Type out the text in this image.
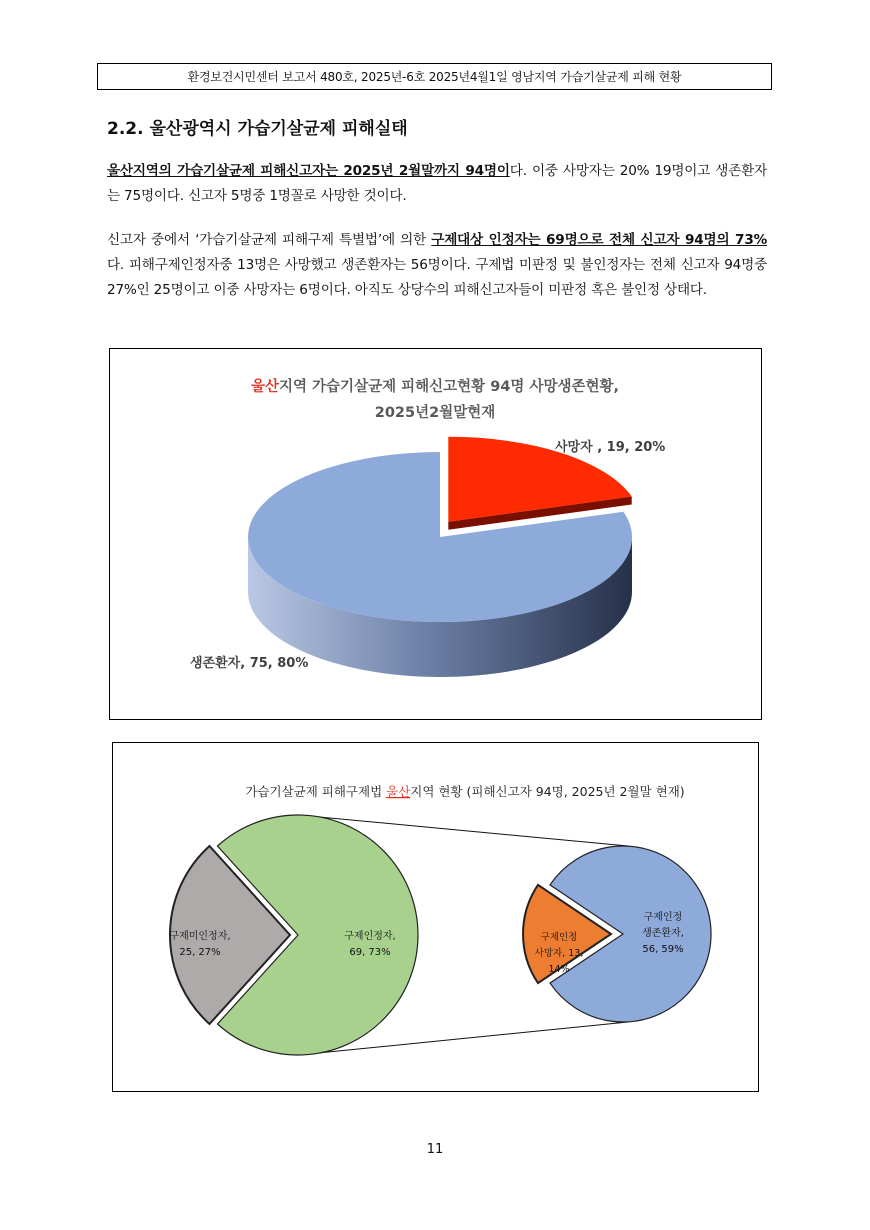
환경보건시민센터 보고서 480호, 2025년-6호 2025년4월1일 영남지역 가습기살균제 피해 현황
2.2. 울산광역시 가습기살균제 피해실태
울산지역의 가습기살균제 피해신고자는 2025년 2월말까지 94명이다. 이중 사망자는 20% 19명이고 생존환자는 75명이다. 신고자 5명중 1명꼴로 사망한 것이다.
신고자 중에서 ‘가습기살균제 피해구제 특별법’에 의한 구제대상 인정자는 69명으로 전체 신고자 94명의 73%다. 피해구제인정자중 13명은 사망했고 생존환자는 56명이다. 구제법 미판정 및 불인정자는 전체 신고자 94명중 27%인 25명이고 이중 사망자는 6명이다. 아직도 상당수의 피해신고자들이 미판정 혹은 불인정 상태다.
울산지역 가습기살균제 피해신고현황 94명 사망생존현황,
2025년2월말현재
사망자 , 19, 20%
생존환자, 75, 80%
가습기살균제 피해구제법 울산지역 현황 (피해신고자 94명, 2025년 2월말 현재)
구제인정자,
69, 73%
구제미인정자,
25, 27%
구제인정
생존환자,
56, 59%
구제인정
사망자, 13,
14%
11
